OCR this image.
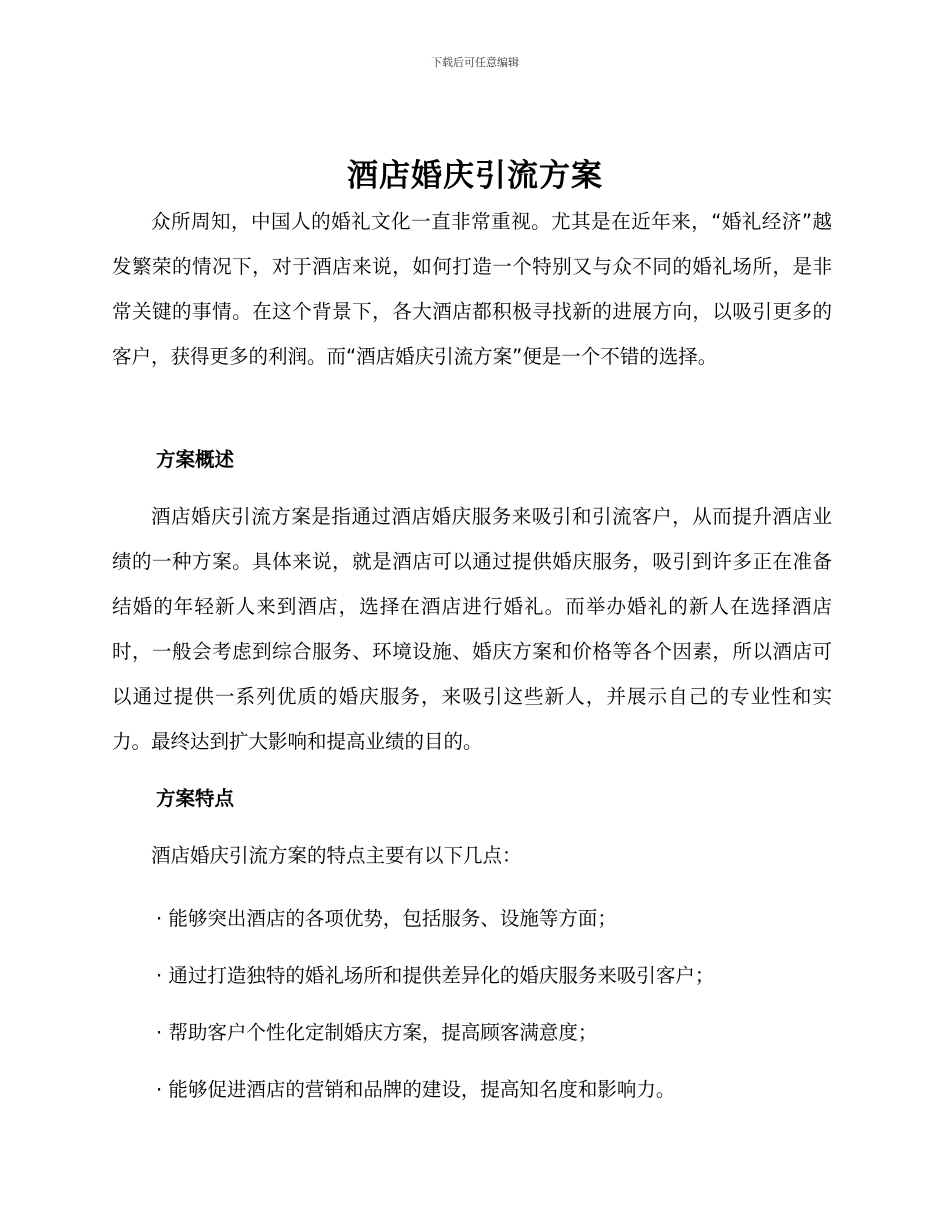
下载后可任意编辑
酒店婚庆引流方案

众所周知，中国人的婚礼文化一直非常重视。尤其是在近年来，“婚礼经济”越发繁荣的情况下，对于酒店来说，如何打造一个特别又与众不同的婚礼场所，是非常关键的事情。在这个背景下，各大酒店都积极寻找新的进展方向，以吸引更多的客户，获得更多的利润。而“酒店婚庆引流方案”便是一个不错的选择。

方案概述

酒店婚庆引流方案是指通过酒店婚庆服务来吸引和引流客户，从而提升酒店业绩的一种方案。具体来说，就是酒店可以通过提供婚庆服务，吸引到许多正在准备结婚的年轻新人来到酒店，选择在酒店进行婚礼。而举办婚礼的新人在选择酒店时，一般会考虑到综合服务、环境设施、婚庆方案和价格等各个因素，所以酒店可以通过提供一系列优质的婚庆服务，来吸引这些新人，并展示自己的专业性和实力。最终达到扩大影响和提高业绩的目的。

方案特点

酒店婚庆引流方案的特点主要有以下几点：

· 能够突出酒店的各项优势，包括服务、设施等方面；
· 通过打造独特的婚礼场所和提供差异化的婚庆服务来吸引客户；
· 帮助客户个性化定制婚庆方案，提高顾客满意度；
· 能够促进酒店的营销和品牌的建设，提高知名度和影响力。
